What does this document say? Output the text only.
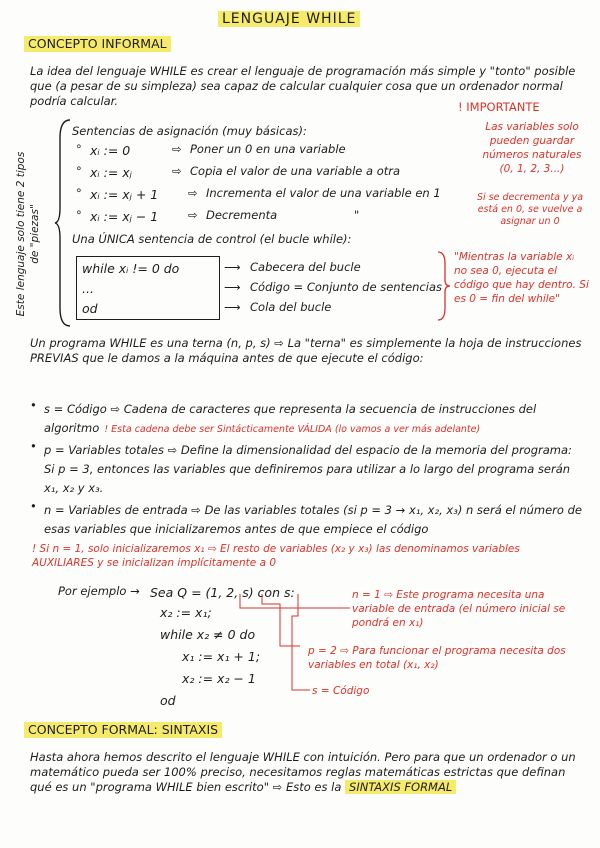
LENGUAJE WHILE
CONCEPTO INFORMAL
La idea del lenguaje WHILE es crear el lenguaje de programación más simple y "tonto" posible que (a pesar de su simpleza) sea capaz de calcular cualquier cosa que un ordenador normal podría calcular.
Este lenguaje solo tiene 2 tipos de "piezas"
Sentencias de asignación (muy básicas):
° xᵢ := 0	⇨ Poner un 0 en una variable
° xᵢ := xⱼ	⇨ Copia el valor de una variable a otra
° xᵢ := xⱼ + 1	⇨ Incrementa el valor de una variable en 1
° xᵢ := xⱼ − 1	⇨ Decrementa	"
Una ÚNICA sentencia de control (el bucle while):
while xᵢ != 0 do	⟶ Cabecera del bucle
...	⟶ Código = Conjunto de sentencias
od	⟶ Cola del bucle
"Mientras la variable xᵢ no sea 0, ejecuta el código que hay dentro. Si es 0 = fin del while"
! IMPORTANTE
Las variables solo pueden guardar números naturales (0, 1, 2, 3...)
Si se decrementa y ya está en 0, se vuelve a asignar un 0
Un programa WHILE es una terna (n, p, s) ⇨ La "terna" es simplemente la hoja de instrucciones PREVIAS que le damos a la máquina antes de que ejecute el código:
• s = Código ⇨ Cadena de caracteres que representa la secuencia de instrucciones del algoritmo ! Esta cadena debe ser Sintácticamente VÁLIDA (lo vamos a ver más adelante)
• p = Variables totales ⇨ Define la dimensionalidad del espacio de la memoria del programa: Si p = 3, entonces las variables que definiremos para utilizar a lo largo del programa serán x₁, x₂ y x₃.
• n = Variables de entrada ⇨ De las variables totales (si p = 3 → x₁, x₂, x₃) n será el número de esas variables que inicializaremos antes de que empiece el código
! Si n = 1, solo inicializaremos x₁ ⇨ El resto de variables (x₂ y x₃) las denominamos variables AUXILIARES y se inicializan implícitamente a 0
Por ejemplo → Sea Q = (1, 2, s) con s:
x₂ := x₁;
while x₂ ≠ 0 do
x₁ := x₁ + 1;
x₂ := x₂ − 1
od
n = 1 ⇨ Este programa necesita una variable de entrada (el número inicial se pondrá en x₁)
p = 2 ⇨ Para funcionar el programa necesita dos variables en total (x₁, x₂)
s = Código
CONCEPTO FORMAL: SINTAXIS
Hasta ahora hemos descrito el lenguaje WHILE con intuición. Pero para que un ordenador o un matemático pueda ser 100% preciso, necesitamos reglas matemáticas estrictas que definan qué es un "programa WHILE bien escrito" ⇨ Esto es la SINTAXIS FORMAL
